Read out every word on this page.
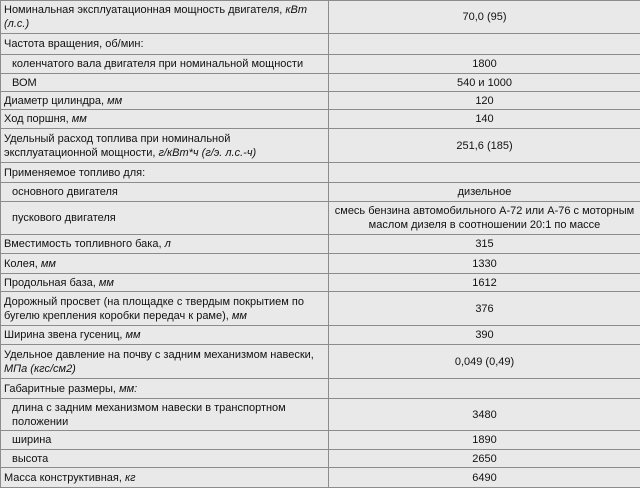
Номинальная эксплуатационная мощность двигателя, кВт (л.с.)	70,0 (95)
Частота вращения, об/мин:	
коленчатого вала двигателя при номинальной мощности	1800
ВОМ	540 и 1000
Диаметр цилиндра, мм	120
Ход поршня, мм	140
Удельный расход топлива при номинальной эксплуатационной мощности, г/кВт*ч (г/э. л.с.-ч)	251,6 (185)
Применяемое топливо для:	
основного двигателя	дизельное
пускового двигателя	смесь бензина автомобильного А-72 или А-76 с моторным маслом дизеля в соотношении 20:1 по массе
Вместимость топливного бака, л	315
Колея, мм	1330
Продольная база, мм	1612
Дорожный просвет (на площадке с твердым покрытием по бугелю крепления коробки передач к раме), мм	376
Ширина звена гусениц, мм	390
Удельное давление на почву с задним механизмом навески, МПа (кгс/см2)	0,049 (0,49)
Габаритные размеры, мм:	
длина с задним механизмом навески в транспортном положении	3480
ширина	1890
высота	2650
Масса конструктивная, кг	6490
